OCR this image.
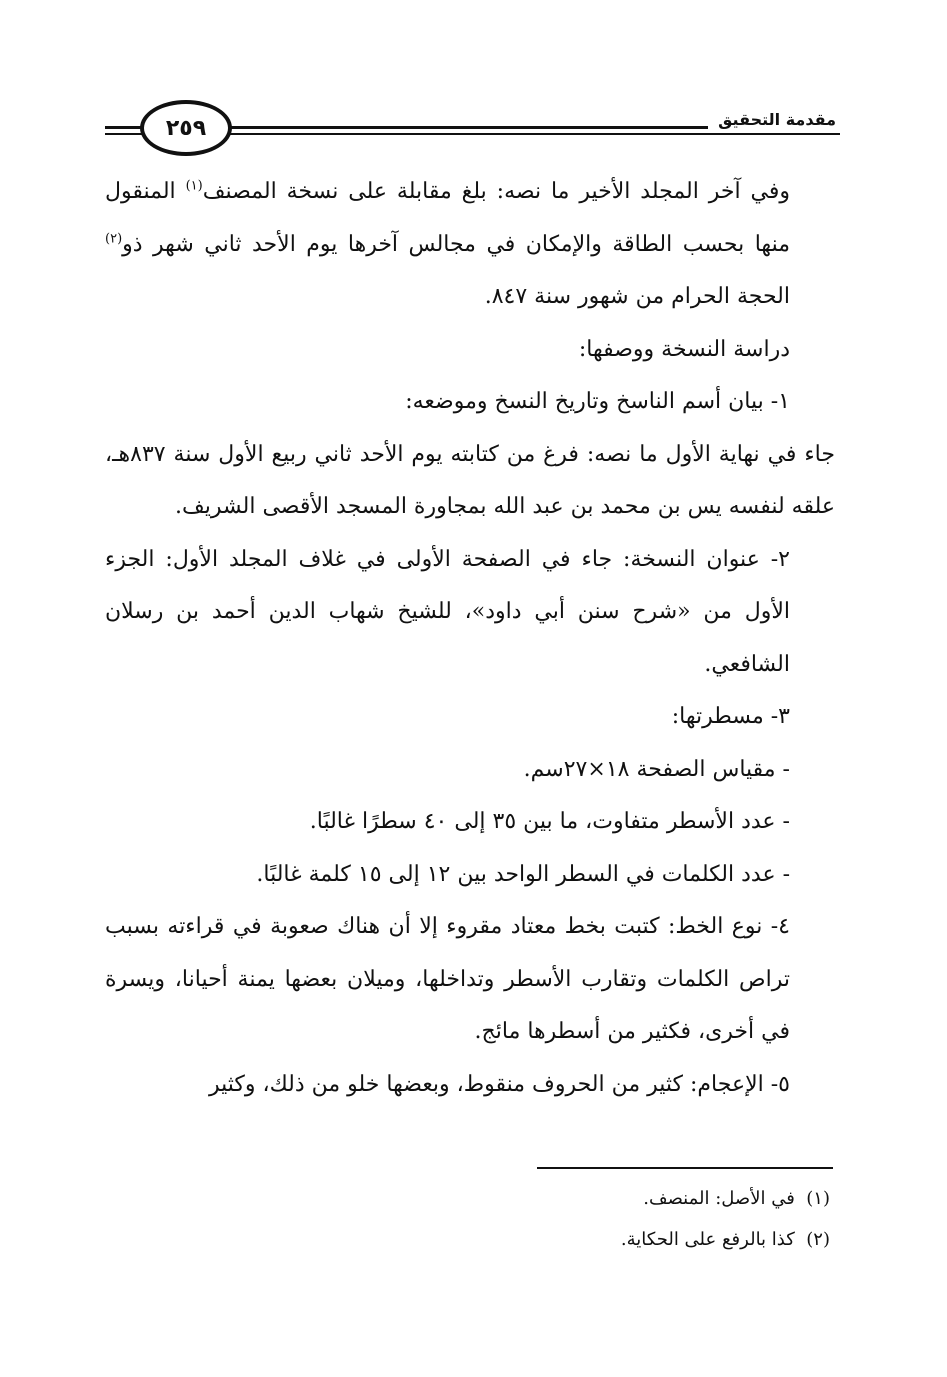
مقدمة التحقيق
٢٥٩

وفي آخر المجلد الأخير ما نصه: بلغ مقابلة على نسخة المصنف$^{(١)}$ المنقول منها بحسب الطاقة والإمكان في مجالس آخرها يوم الأحد ثاني شهر ذو$^{(٢)}$ الحجة الحرام من شهور سنة ٨٤٧.

دراسة النسخة ووصفها:

١- بيان أسم الناسخ وتاريخ النسخ وموضعه:

جاء في نهاية الأول ما نصه: فرغ من كتابته يوم الأحد ثاني ربيع الأول سنة ٨٣٧هـ، علقه لنفسه يس بن محمد بن عبد الله بمجاورة المسجد الأقصى الشريف.

٢- عنوان النسخة: جاء في الصفحة الأولى في غلاف المجلد الأول: الجزء الأول من «شرح سنن أبي داود»، للشيخ شهاب الدين أحمد بن رسلان الشافعي.

٣- مسطرتها:

- مقياس الصفحة ١٨×٢٧سم.

- عدد الأسطر متفاوت، ما بين ٣٥ إلى ٤٠ سطرًا غالبًا.

- عدد الكلمات في السطر الواحد بين ١٢ إلى ١٥ كلمة غالبًا.

٤- نوع الخط: كتبت بخط معتاد مقروء إلا أن هناك صعوبة في قراءته بسبب تراص الكلمات وتقارب الأسطر وتداخلها، وميلان بعضها يمنة أحيانا، ويسرة في أخرى، فكثير من أسطرها مائج.

٥- الإعجام: كثير من الحروف منقوط، وبعضها خلو من ذلك، وكثير

(١)  في الأصل: المنصف.

(٢)  كذا بالرفع على الحكاية.
